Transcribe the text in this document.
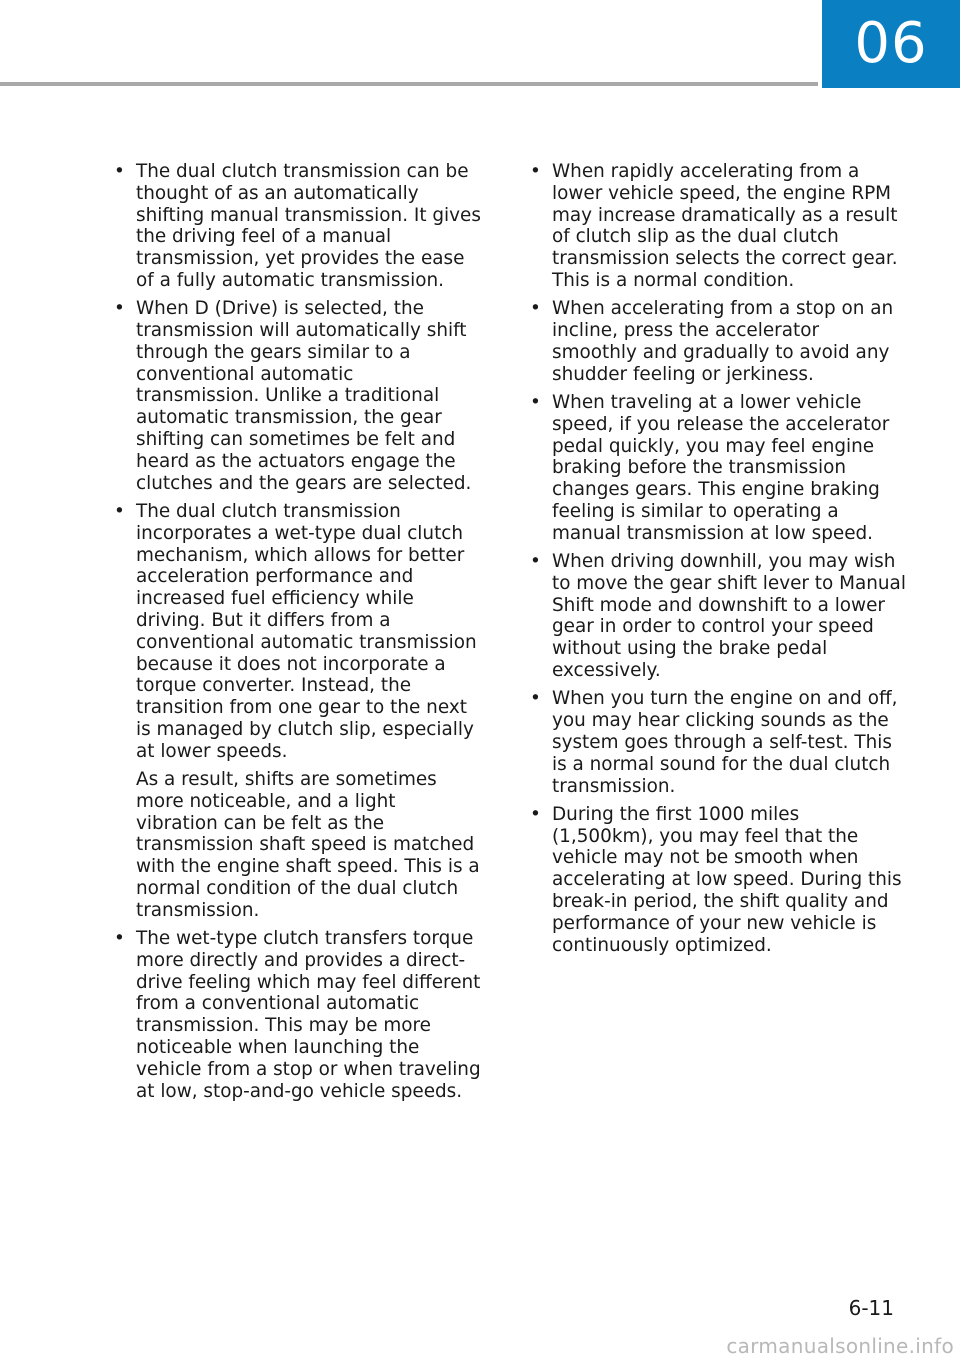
06
• The dual clutch transmission can be thought of as an automatically shifting manual transmission. It gives the driving feel of a manual transmission, yet provides the ease of a fully automatic transmission.
• When D (Drive) is selected, the transmission will automatically shift through the gears similar to a conventional automatic transmission. Unlike a traditional automatic transmission, the gear shifting can sometimes be felt and heard as the actuators engage the clutches and the gears are selected.
• The dual clutch transmission incorporates a wet-type dual clutch mechanism, which allows for better acceleration performance and increased fuel efficiency while driving. But it differs from a conventional automatic transmission because it does not incorporate a torque converter. Instead, the transition from one gear to the next is managed by clutch slip, especially at lower speeds.
As a result, shifts are sometimes more noticeable, and a light vibration can be felt as the transmission shaft speed is matched with the engine shaft speed. This is a normal condition of the dual clutch transmission.
• The wet-type clutch transfers torque more directly and provides a direct-drive feeling which may feel different from a conventional automatic transmission. This may be more noticeable when launching the vehicle from a stop or when traveling at low, stop-and-go vehicle speeds.
• When rapidly accelerating from a lower vehicle speed, the engine RPM may increase dramatically as a result of clutch slip as the dual clutch transmission selects the correct gear. This is a normal condition.
• When accelerating from a stop on an incline, press the accelerator smoothly and gradually to avoid any shudder feeling or jerkiness.
• When traveling at a lower vehicle speed, if you release the accelerator pedal quickly, you may feel engine braking before the transmission changes gears. This engine braking feeling is similar to operating a manual transmission at low speed.
• When driving downhill, you may wish to move the gear shift lever to Manual Shift mode and downshift to a lower gear in order to control your speed without using the brake pedal excessively.
• When you turn the engine on and off, you may hear clicking sounds as the system goes through a self-test. This is a normal sound for the dual clutch transmission.
• During the first 1000 miles (1,500km), you may feel that the vehicle may not be smooth when accelerating at low speed. During this break-in period, the shift quality and performance of your new vehicle is continuously optimized.
6-11
carmanualsonline.info
